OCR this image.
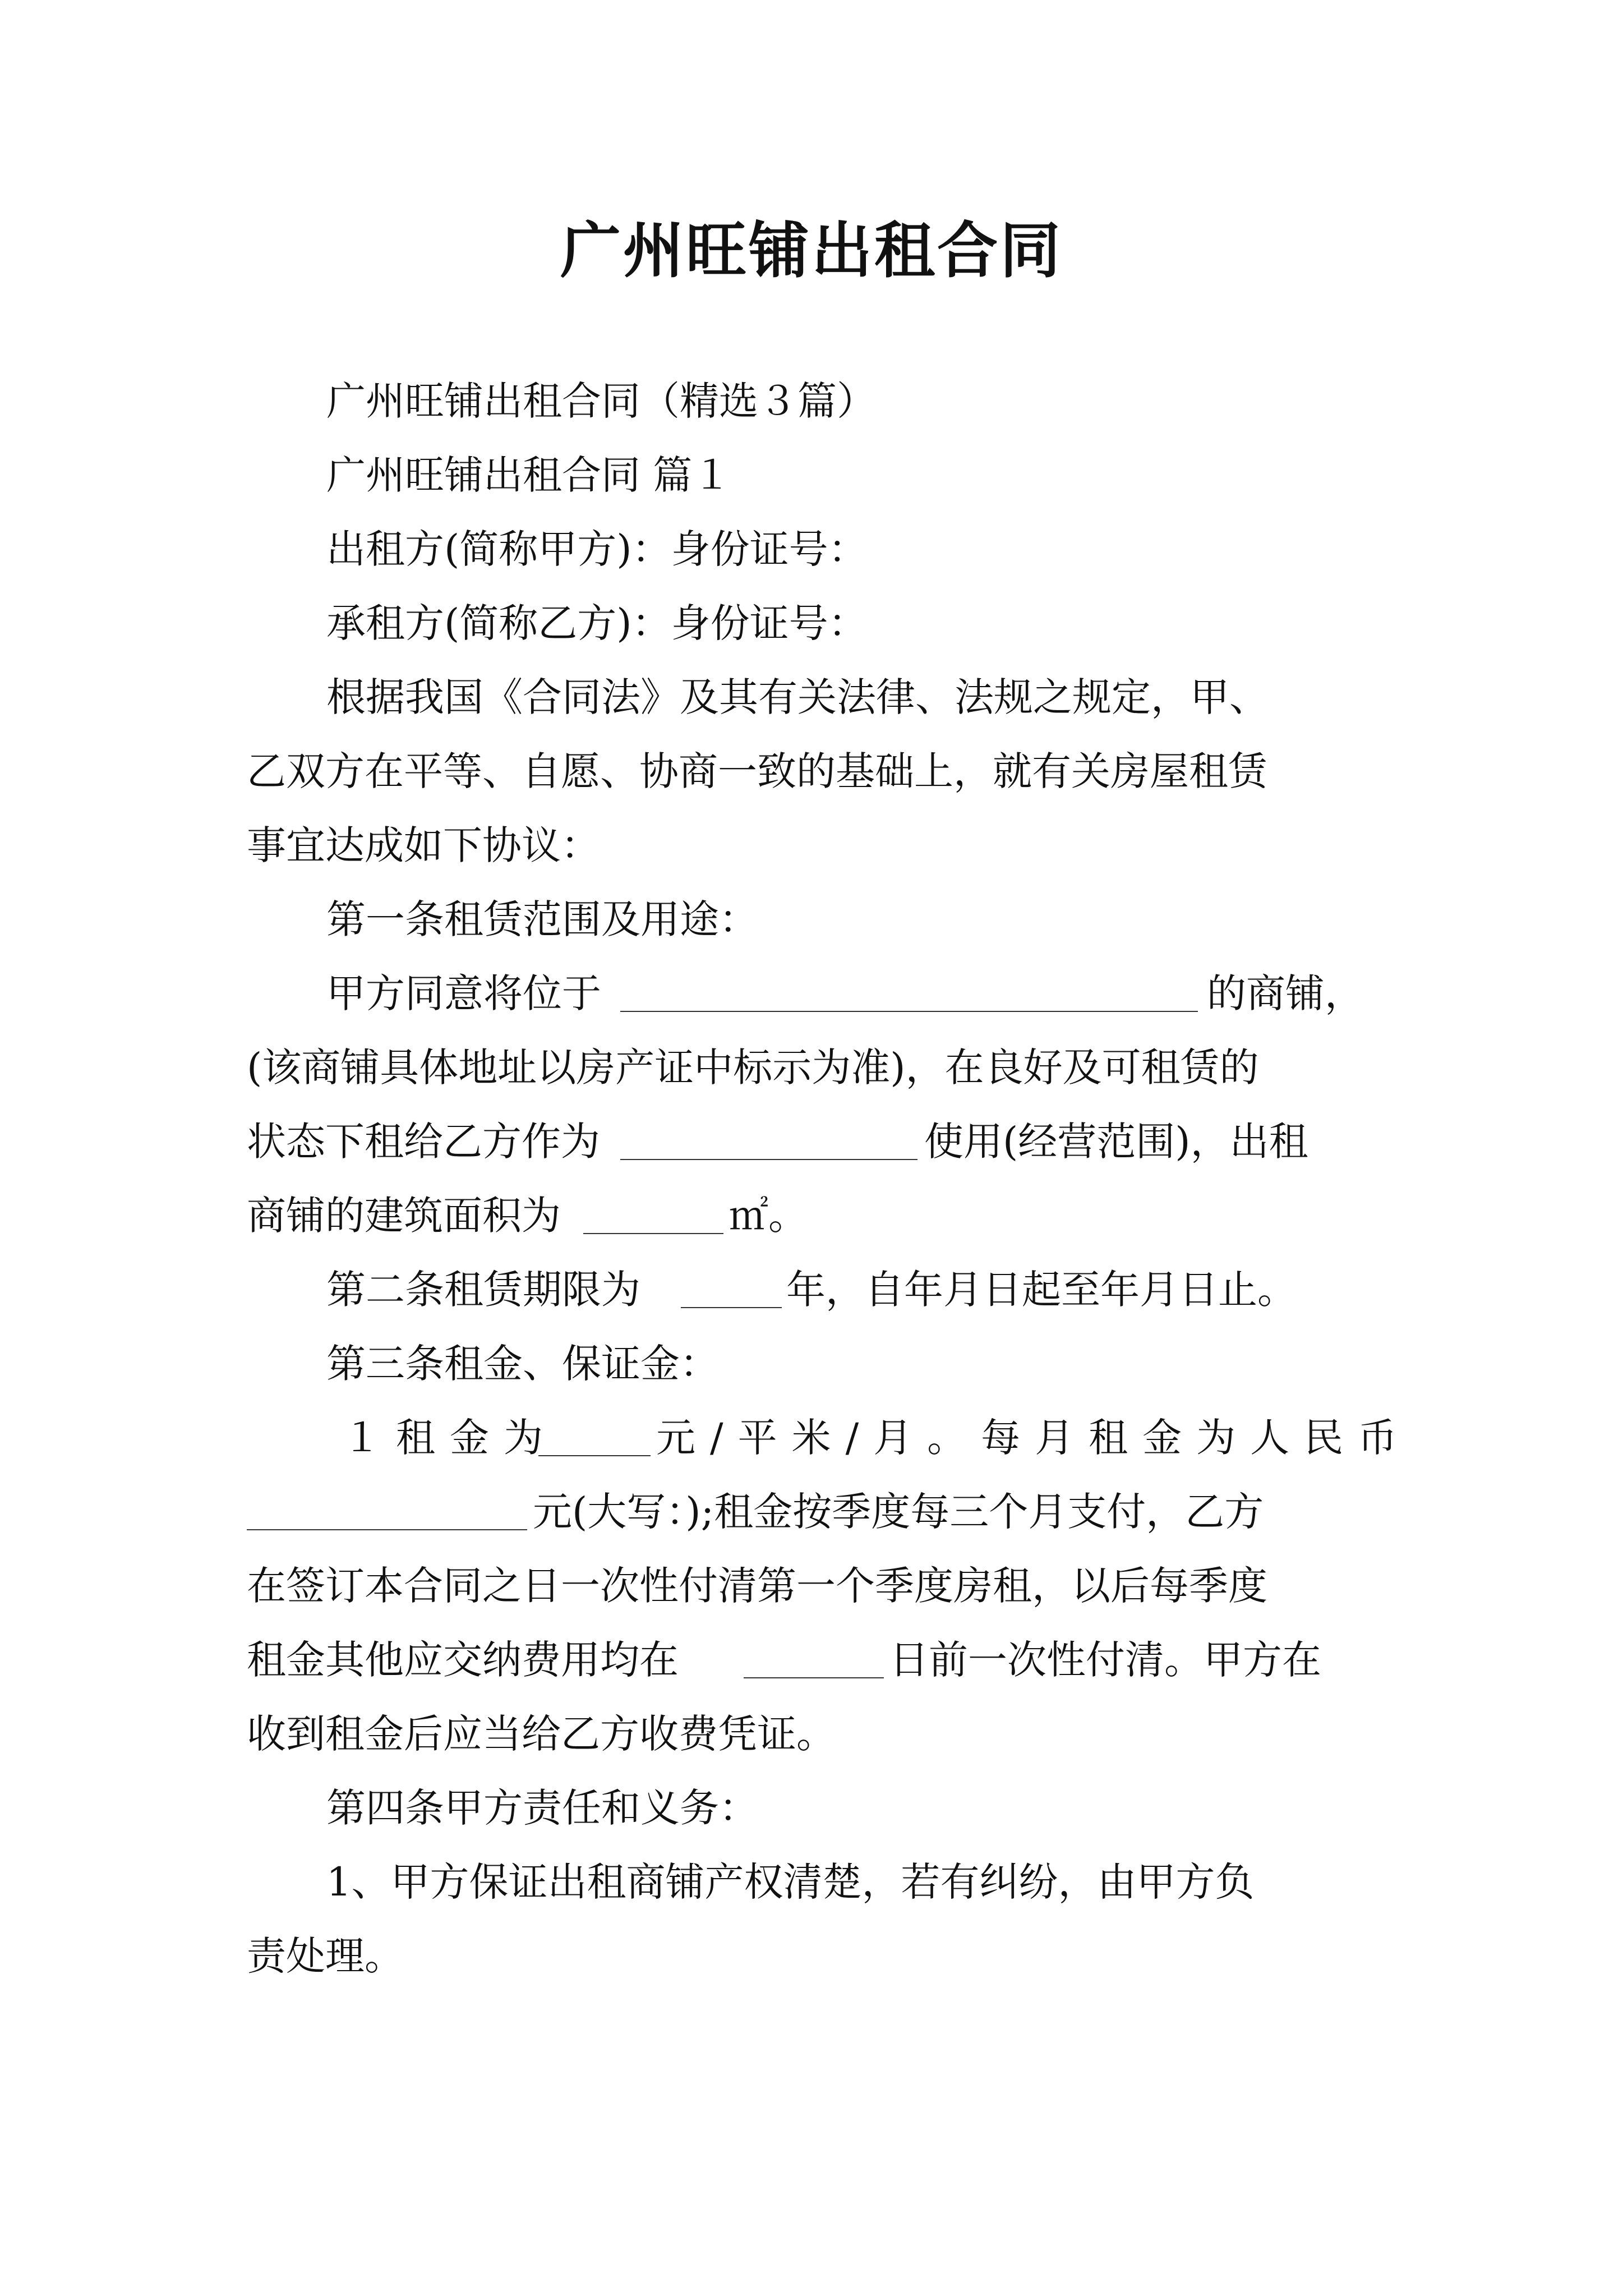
广州旺铺出租合同
广州旺铺出租合同（精选３篇）
广州旺铺出租合同 篇１
出租方(简称甲方)：身份证号：
承租方(简称乙方)：身份证号：
根据我国《合同法》及其有关法律、法规之规定，甲、
乙双方在平等、自愿、协商一致的基础上，就有关房屋租赁
事宜达成如下协议：
第一条租赁范围及用途：
甲方同意将位于	的商铺，
(该商铺具体地址以房产证中标示为准)，在良好及可租赁的
状态下租给乙方作为	使用(经营范围)，出租
商铺的建筑面积为	㎡。
第二条租赁期限为	年，自年月日起至年月日止。
第三条租金、保证金：
１租金为	元/平米/月。每月租金为人民币
元(大写：);租金按季度每三个月支付，乙方
在签订本合同之日一次性付清第一个季度房租，以后每季度
租金其他应交纳费用均在	日前一次性付清。甲方在
收到租金后应当给乙方收费凭证。
第四条甲方责任和义务：
1、甲方保证出租商铺产权清楚，若有纠纷，由甲方负
责处理。
